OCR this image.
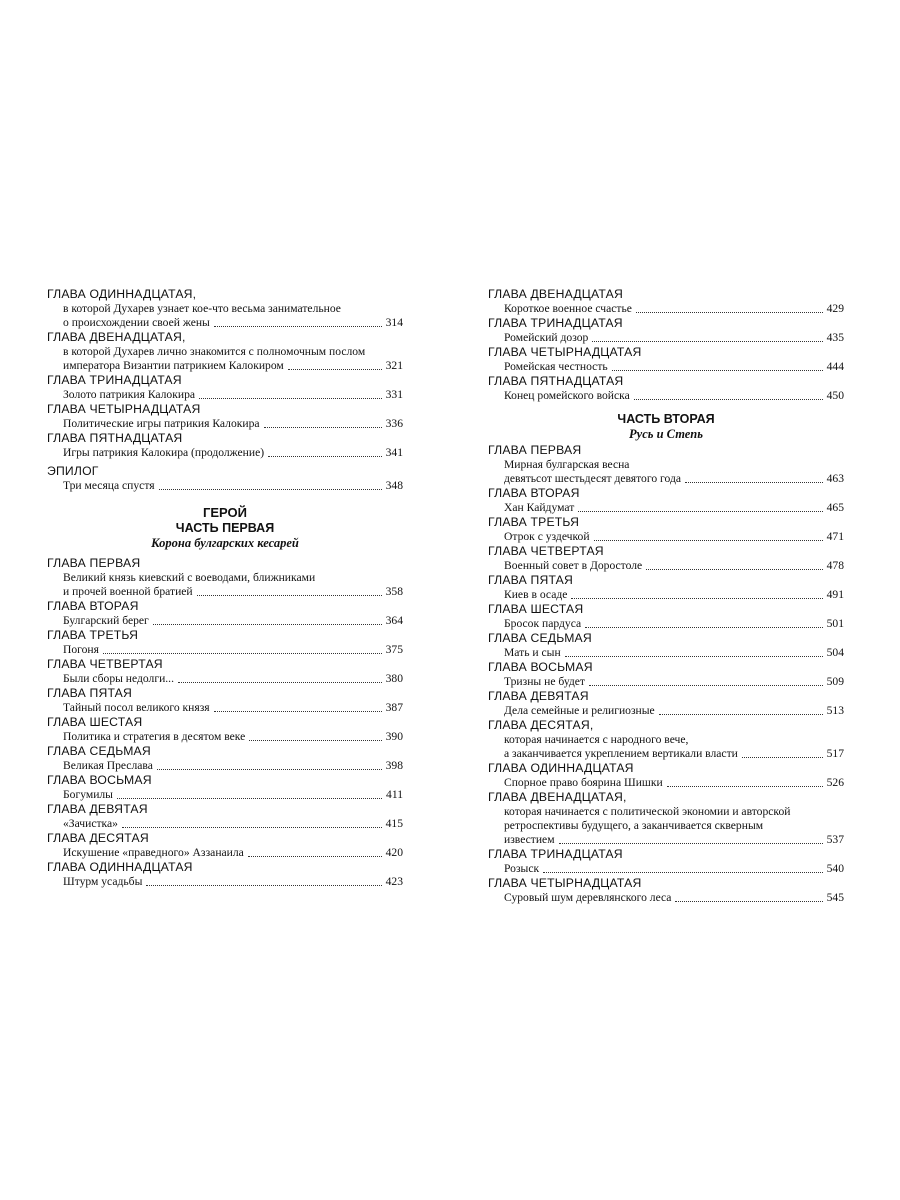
ГЛАВА ОДИННАДЦАТАЯ,
в которой Духарев узнает кое-что весьма занимательное
о происхождении своей жены	314
ГЛАВА ДВЕНАДЦАТАЯ,
в которой Духарев лично знакомится с полномочным послом
императора Византии патрикием Калокиром	321
ГЛАВА ТРИНАДЦАТАЯ
Золото патрикия Калокира	331
ГЛАВА ЧЕТЫРНАДЦАТАЯ
Политические игры патрикия Калокира	336
ГЛАВА ПЯТНАДЦАТАЯ
Игры патрикия Калокира (продолжение)	341
ЭПИЛОГ
Три месяца спустя	348
ГЕРОЙ
ЧАСТЬ ПЕРВАЯ
Корона булгарских кесарей
ГЛАВА ПЕРВАЯ
Великий князь киевский с воеводами, ближниками
и прочей военной братией	358
ГЛАВА ВТОРАЯ
Булгарский берег	364
ГЛАВА ТРЕТЬЯ
Погоня	375
ГЛАВА ЧЕТВЕРТАЯ
Были сборы недолги...	380
ГЛАВА ПЯТАЯ
Тайный посол великого князя	387
ГЛАВА ШЕСТАЯ
Политика и стратегия в десятом веке	390
ГЛАВА СЕДЬМАЯ
Великая Преслава	398
ГЛАВА ВОСЬМАЯ
Богумилы	411
ГЛАВА ДЕВЯТАЯ
«Зачистка»	415
ГЛАВА ДЕСЯТАЯ
Искушение «праведного» Аззанаила	420
ГЛАВА ОДИННАДЦАТАЯ
Штурм усадьбы	423
ГЛАВА ДВЕНАДЦАТАЯ
Короткое военное счастье	429
ГЛАВА ТРИНАДЦАТАЯ
Ромейский дозор	435
ГЛАВА ЧЕТЫРНАДЦАТАЯ
Ромейская честность	444
ГЛАВА ПЯТНАДЦАТАЯ
Конец ромейского войска	450
ЧАСТЬ ВТОРАЯ
Русь и Степь
ГЛАВА ПЕРВАЯ
Мирная булгарская весна
девятьсот шестьдесят девятого года	463
ГЛАВА ВТОРАЯ
Хан Кайдумат	465
ГЛАВА ТРЕТЬЯ
Отрок с уздечкой	471
ГЛАВА ЧЕТВЕРТАЯ
Военный совет в Доростоле	478
ГЛАВА ПЯТАЯ
Киев в осаде	491
ГЛАВА ШЕСТАЯ
Бросок пардуса	501
ГЛАВА СЕДЬМАЯ
Мать и сын	504
ГЛАВА ВОСЬМАЯ
Тризны не будет	509
ГЛАВА ДЕВЯТАЯ
Дела семейные и религиозные	513
ГЛАВА ДЕСЯТАЯ,
которая начинается с народного вече,
а заканчивается укреплением вертикали власти	517
ГЛАВА ОДИННАДЦАТАЯ
Спорное право боярина Шишки	526
ГЛАВА ДВЕНАДЦАТАЯ,
которая начинается с политической экономии и авторской
ретроспективы будущего, а заканчивается скверным
известием	537
ГЛАВА ТРИНАДЦАТАЯ
Розыск	540
ГЛАВА ЧЕТЫРНАДЦАТАЯ
Суровый шум деревлянского леса	545
